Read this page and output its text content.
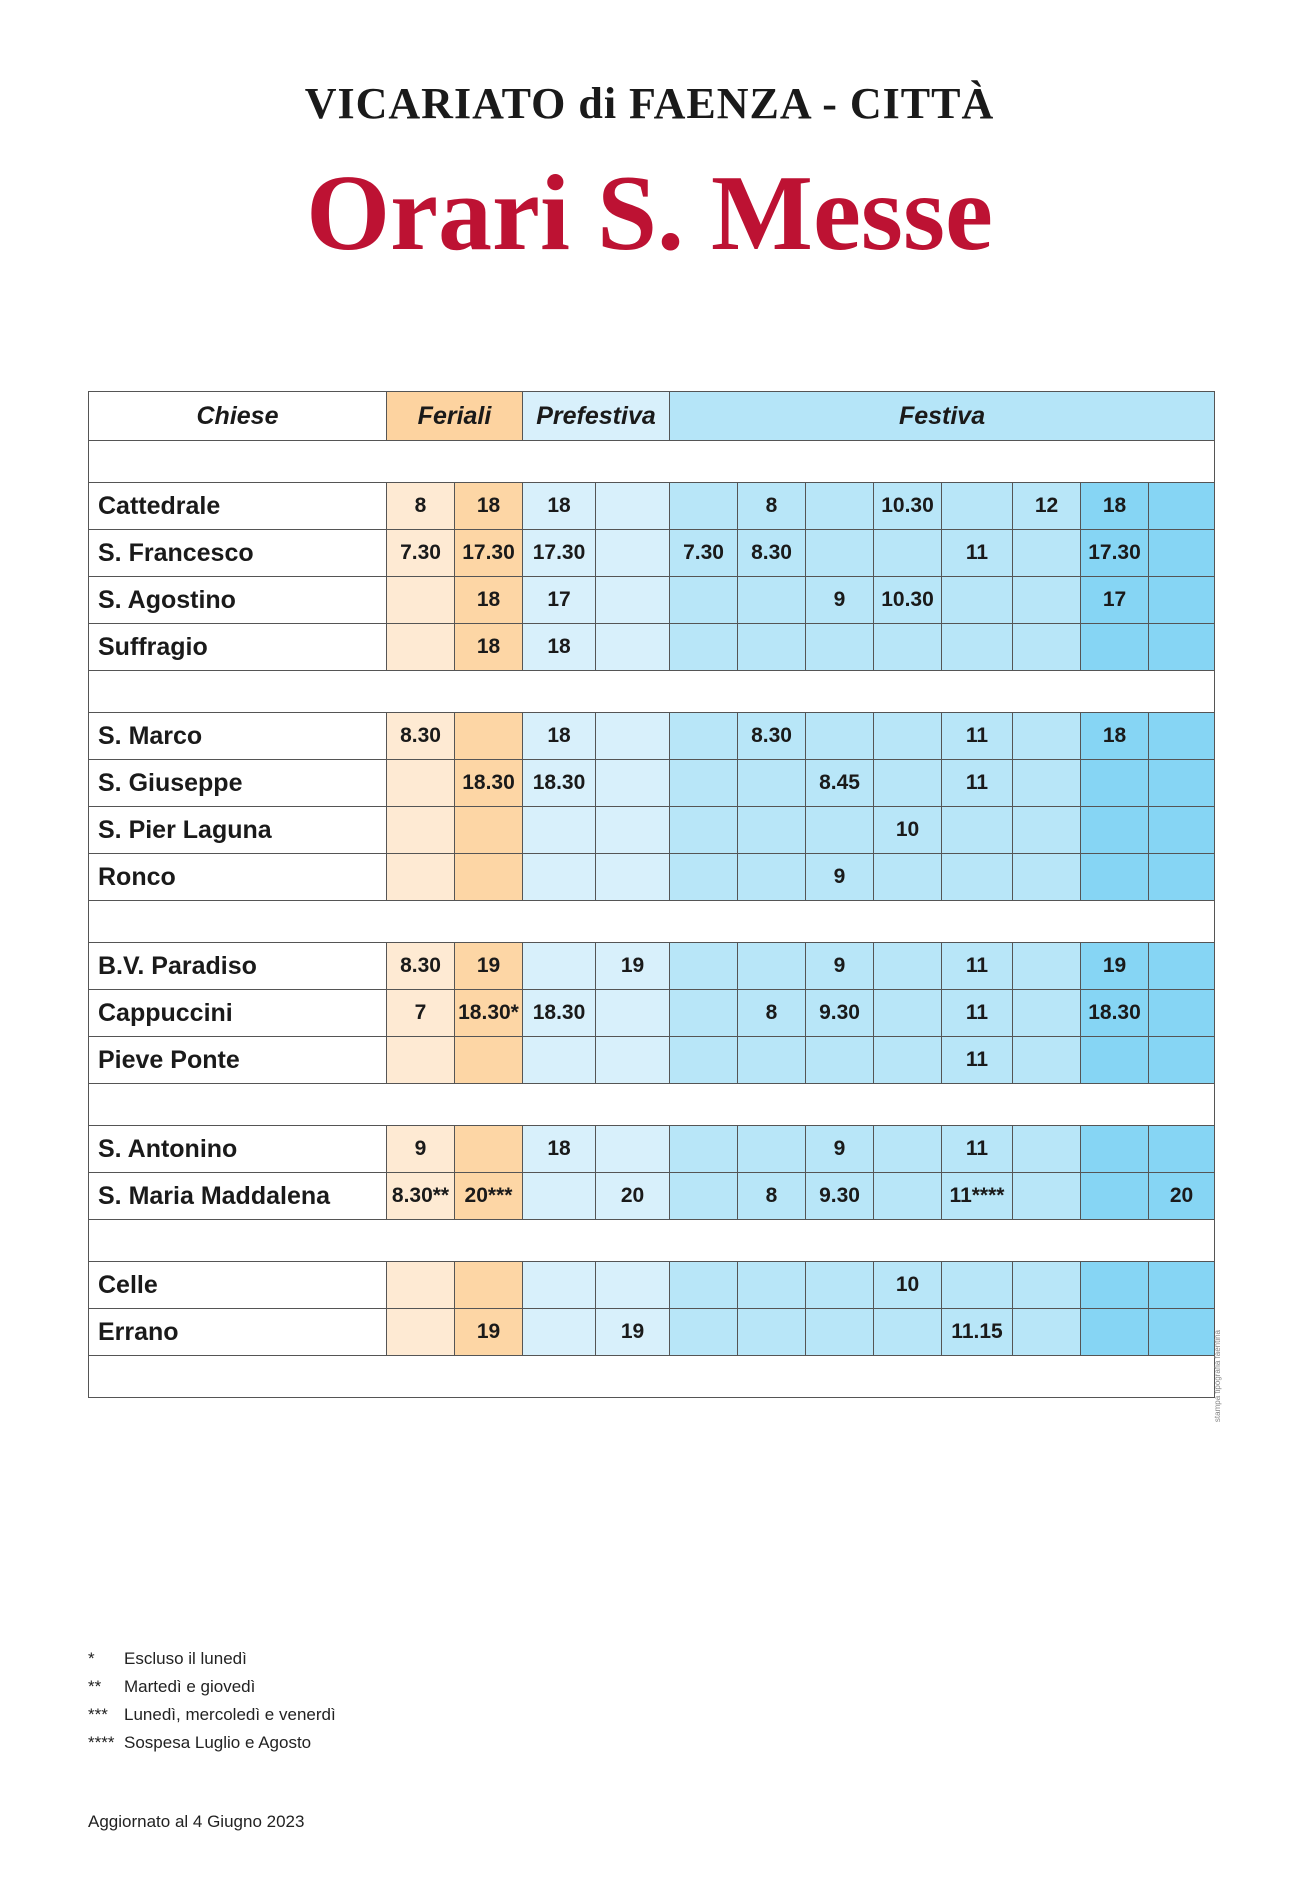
VICARIATO di FAENZA - CITTÀ
Orari S. Messe
Chiese	Feriali		Prefestiva		Festiva							

Cattedrale	8	18	18			8		10.30		12	18	
S. Francesco	7.30	17.30	17.30		7.30	8.30			11		17.30	
S. Agostino		18	17				9	10.30			17	
Suffragio		18	18									

S. Marco	8.30		18			8.30			11		18	
S. Giuseppe		18.30	18.30				8.45		11			
S. Pier Laguna								10				
Ronco							9					

B.V. Paradiso	8.30	19		19			9		11		19	
Cappuccini	7	18.30*	18.30			8	9.30		11		18.30	
Pieve Ponte									11			

S. Antonino	9		18				9		11			
S. Maria Maddalena	8.30**	20***		20		8	9.30		11****			20

Celle								10				
Errano		19		19					11.15			

* Escluso il lunedì
** Martedì e giovedì
*** Lunedì, mercoledì e venerdì
**** Sospesa Luglio e Agosto
Aggiornato al 4 Giugno 2023
stampa tipografia faentina
